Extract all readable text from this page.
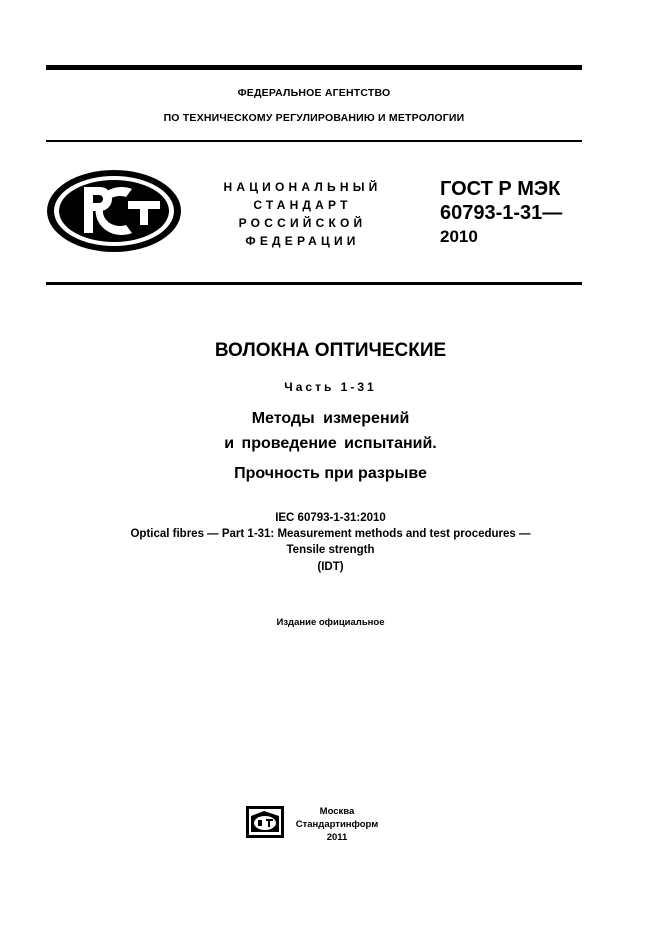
ФЕДЕРАЛЬНОЕ АГЕНТСТВО
ПО ТЕХНИЧЕСКОМУ РЕГУЛИРОВАНИЮ И МЕТРОЛОГИИ
НАЦИОНАЛЬНЫЙ
СТАНДАРТ
РОССИЙСКОЙ
ФЕДЕРАЦИИ
ГОСТ Р МЭК
60793-1-31—
2010
ВОЛОКНА ОПТИЧЕСКИЕ
Часть 1-31
Методы измерений
и проведение испытаний.
Прочность при разрыве
IEC 60793-1-31:2010
Optical fibres — Part 1-31: Measurement methods and test procedures —
Tensile strength
(IDT)
Издание официальное
Москва
Стандартинформ
2011
